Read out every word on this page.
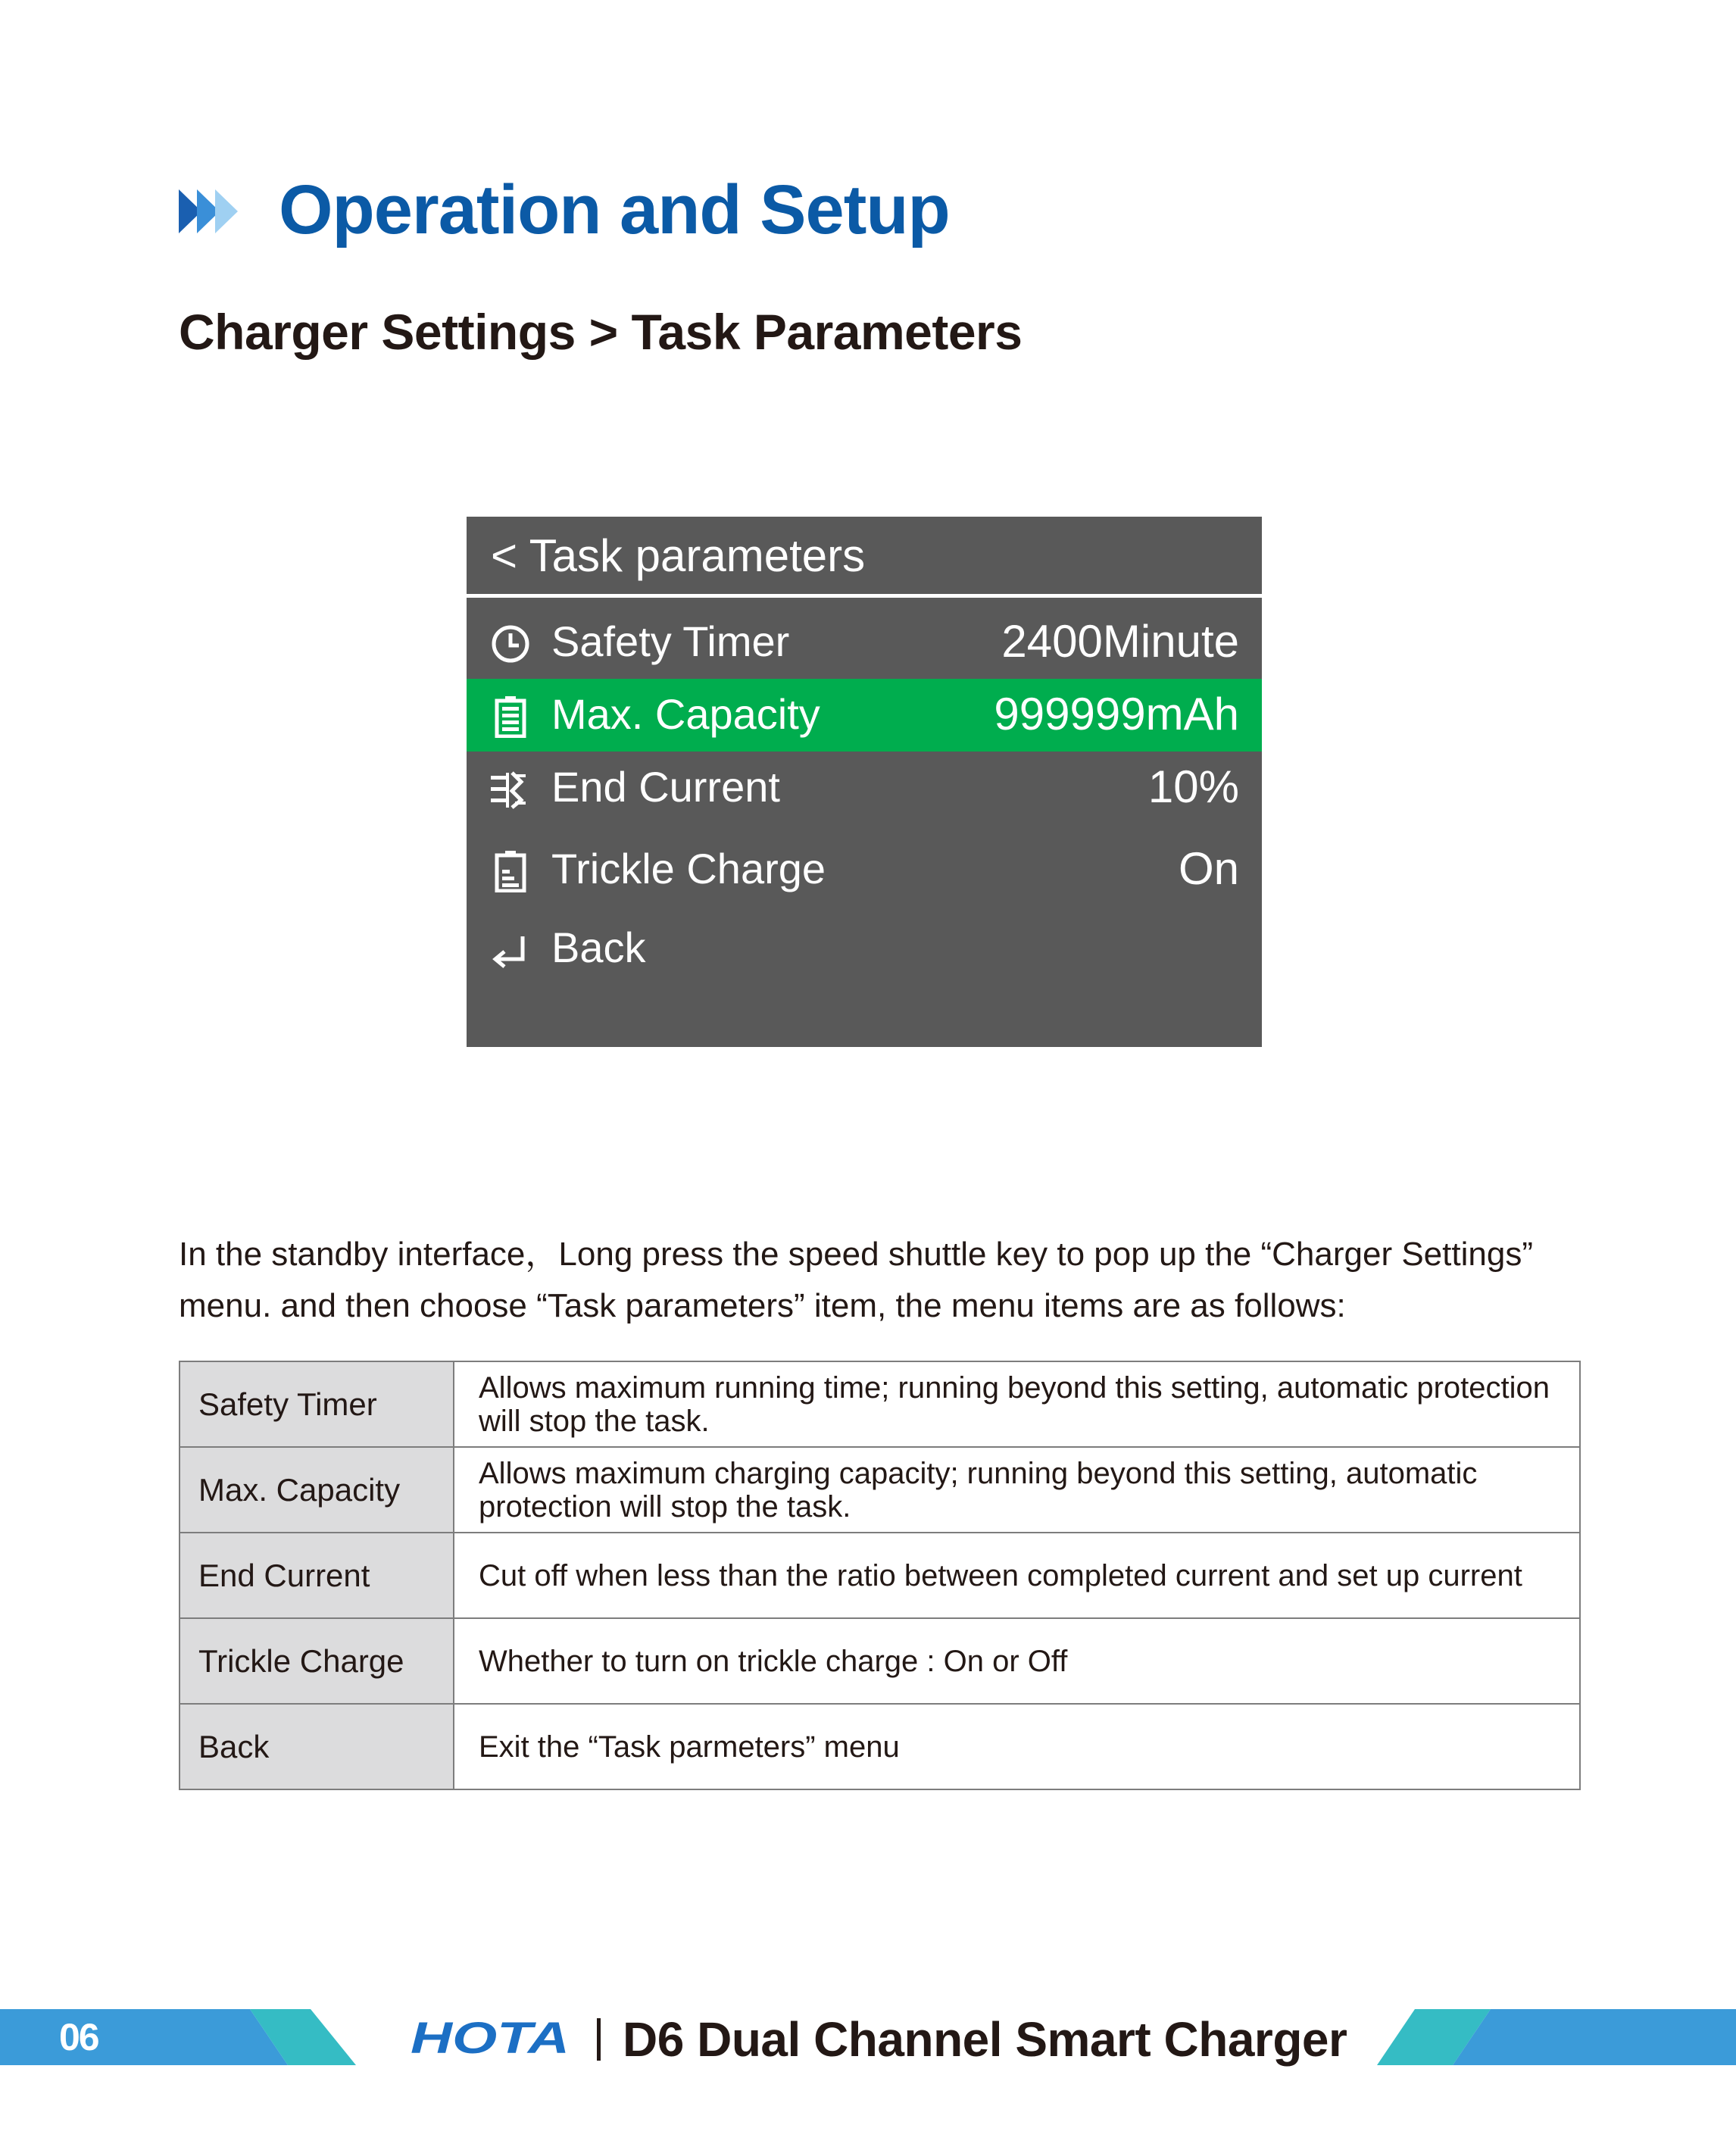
Operation and Setup
Charger Settings > Task Parameters
< Task parameters
Safety Timer	2400Minute
Max. Capacity	999999mAh
End Current	10%
Trickle Charge	On
Back

In the standby interface，Long press the speed shuttle key to pop up the “Charger Settings”

menu. and then choose “Task parameters” item, the menu items are as follows:

Safety Timer	Allows maximum running time; running beyond this setting, automatic protection will stop the task.
Max. Capacity	Allows maximum charging capacity; running beyond this setting, automatic protection will stop the task.
End Current	Cut off when less than the ratio between completed current and set up current
Trickle Charge	Whether to turn on trickle charge : On or Off
Back	Exit the “Task parmeters” menu
06	HOTA D6 Dual Channel Smart Charger
